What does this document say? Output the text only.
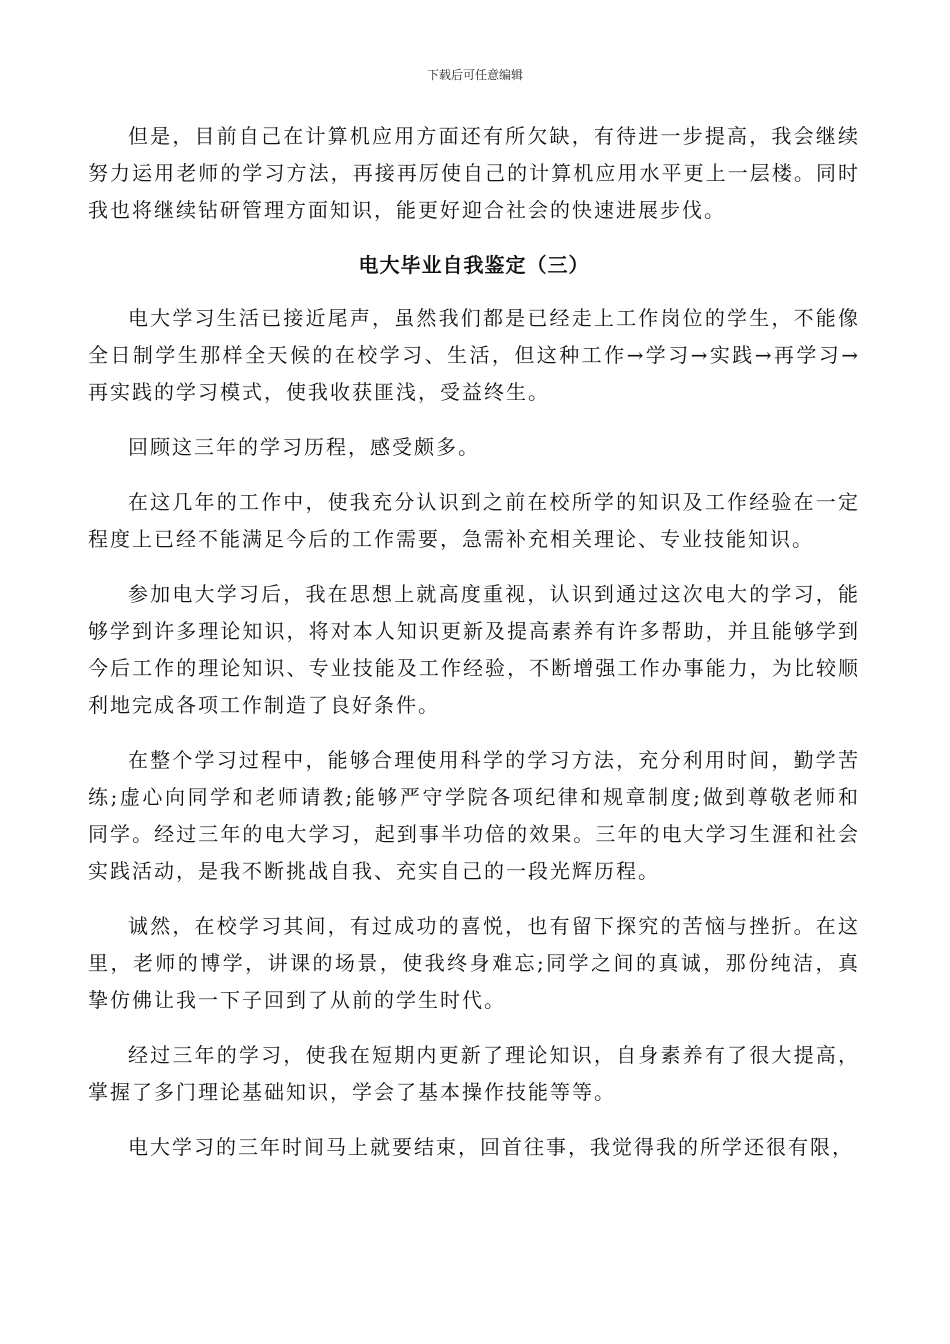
下载后可任意编辑

但是，目前自己在计算机应用方面还有所欠缺，有待进一步提高，我会继续努力运用老师的学习方法，再接再厉使自己的计算机应用水平更上一层楼。同时我也将继续钻研管理方面知识，能更好迎合社会的快速进展步伐。

电大毕业自我鉴定（三）

电大学习生活已接近尾声，虽然我们都是已经走上工作岗位的学生，不能像全日制学生那样全天候的在校学习、生活，但这种工作→学习→实践→再学习→再实践的学习模式，使我收获匪浅，受益终生。

回顾这三年的学习历程，感受颇多。

在这几年的工作中，使我充分认识到之前在校所学的知识及工作经验在一定程度上已经不能满足今后的工作需要，急需补充相关理论、专业技能知识。

参加电大学习后，我在思想上就高度重视，认识到通过这次电大的学习，能够学到许多理论知识，将对本人知识更新及提高素养有许多帮助，并且能够学到今后工作的理论知识、专业技能及工作经验，不断增强工作办事能力，为比较顺利地完成各项工作制造了良好条件。

在整个学习过程中，能够合理使用科学的学习方法，充分利用时间，勤学苦练;虚心向同学和老师请教;能够严守学院各项纪律和规章制度;做到尊敬老师和同学。经过三年的电大学习，起到事半功倍的效果。三年的电大学习生涯和社会实践活动，是我不断挑战自我、充实自己的一段光辉历程。

诚然，在校学习其间，有过成功的喜悦，也有留下探究的苦恼与挫折。在这里，老师的博学，讲课的场景，使我终身难忘;同学之间的真诚，那份纯洁，真挚仿佛让我一下子回到了从前的学生时代。

经过三年的学习，使我在短期内更新了理论知识，自身素养有了很大提高，掌握了多门理论基础知识，学会了基本操作技能等等。

电大学习的三年时间马上就要结束，回首往事，我觉得我的所学还很有限，
